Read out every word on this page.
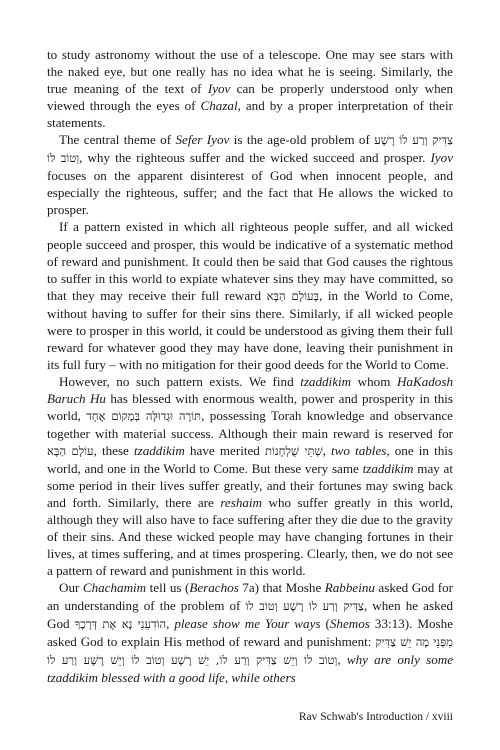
to study astronomy without the use of a telescope. One may see stars with the naked eye, but one really has no idea what he is seeing. Similarly, the true meaning of the text of Iyov can be properly understood only when viewed through the eyes of Chazal, and by a proper interpretation of their statements.

The central theme of Sefer Iyov is the age-old problem of צַדִּיק וְרַע לוֹ רָשָׁע וְטוֹב לוֹ, why the righteous suffer and the wicked succeed and prosper. Iyov focuses on the apparent disinterest of God when innocent people, and especially the righteous, suffer; and the fact that He allows the wicked to prosper.

If a pattern existed in which all righteous people suffer, and all wicked people succeed and prosper, this would be indicative of a systematic method of reward and punishment. It could then be said that God causes the rightous to suffer in this world to expiate whatever sins they may have committed, so that they may receive their full reward בָּעוֹלָם הַבָּא, in the World to Come, without having to suffer for their sins there. Similarly, if all wicked people were to prosper in this world, it could be understood as giving them their full reward for whatever good they may have done, leaving their punishment in its full fury – with no mitigation for their good deeds for the World to Come.

However, no such pattern exists. We find tzaddikim whom HaKadosh Baruch Hu has blessed with enormous wealth, power and prosperity in this world, תּוֹרָה וּגְדוּלָּה בְּמָקוֹם אֶחָד, possessing Torah knowledge and observance together with material success. Although their main reward is reserved for עוֹלָם הַבָּא, these tzaddikim have merited שְׁתֵּי שֻׁלְחָנוֹת, two tables, one in this world, and one in the World to Come. But these very same tzaddikim may at some period in their lives suffer greatly, and their fortunes may swing back and forth. Similarly, there are reshaim who suffer greatly in this world, although they will also have to face suffering after they die due to the gravity of their sins. And these wicked people may have changing fortunes in their lives, at times suffering, and at times prospering. Clearly, then, we do not see a pattern of reward and punishment in this world.

Our Chachamim tell us (Berachos 7a) that Moshe Rabbeinu asked God for an understanding of the problem of צַדִּיק וְרַע לוֹ רָשָׁע וְטוֹב לוֹ, when he asked God הוֹדִעֵנִי נָא אֶת דְּרָכֶךָ, please show me Your ways (Shemos 33:13). Moshe asked God to explain His method of reward and punishment: מִפְּנֵי מָה יֵשׁ צַדִּיק וְטוֹב לוֹ וְיֵשׁ צַדִּיק וְרַע לוֹ, יֵשׁ רָשָׁע וְטוֹב לוֹ וְיֵשׁ רָשָׁע וְרַע לוֹ, why are only some tzaddikim blessed with a good life, while others

Rav Schwab's Introduction / xviii
